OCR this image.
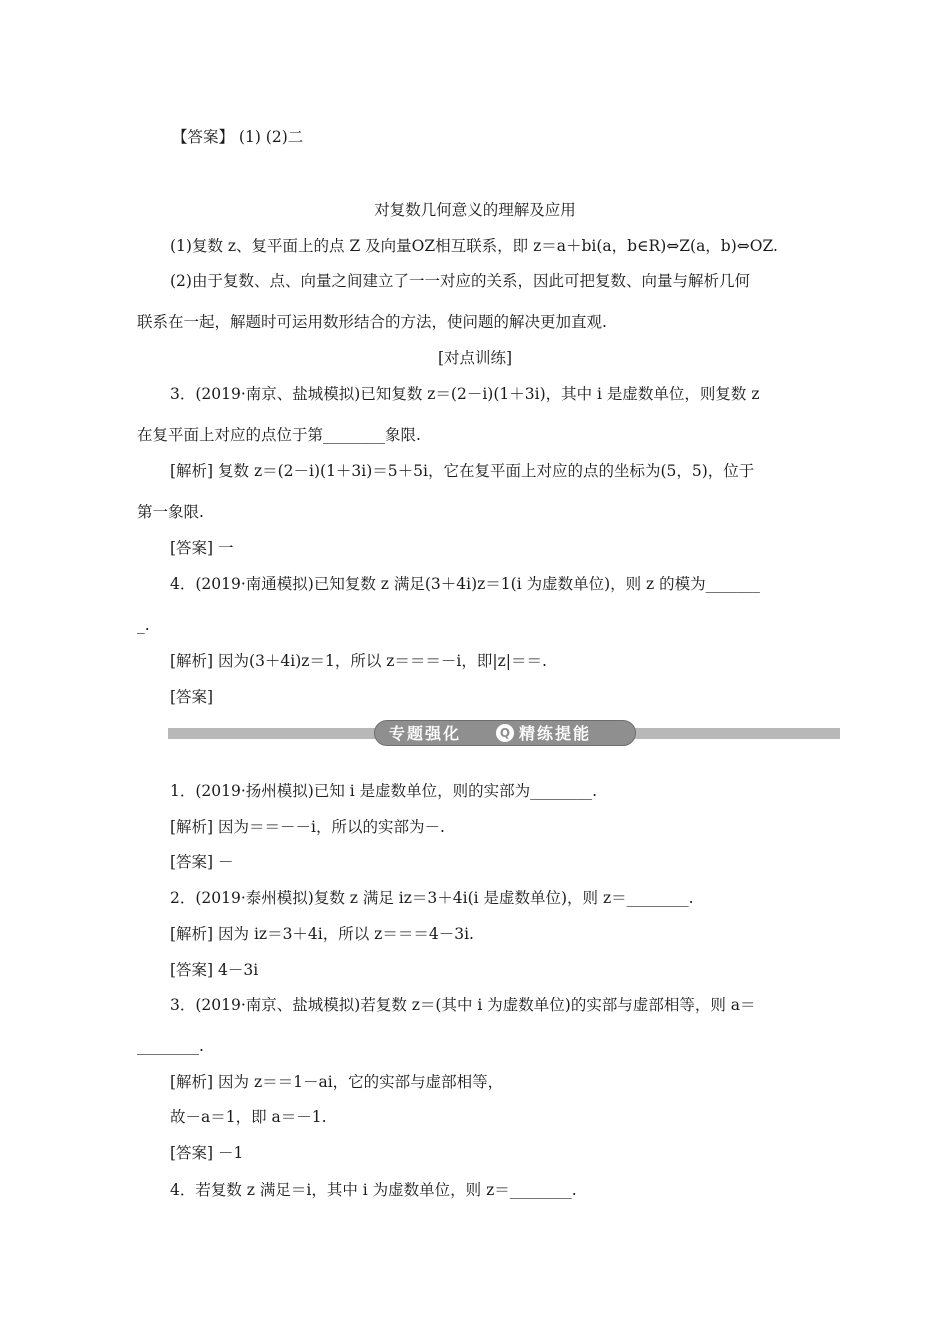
【答案】 (1) (2)二
对复数几何意义的理解及应用
(1)复数 z、复平面上的点 Z 及向量OZ相互联系，即 z＝a＋bi(a，b∈R)⇔Z(a，b)⇔OZ.
(2)由于复数、点、向量之间建立了一一对应的关系，因此可把复数、向量与解析几何
联系在一起，解题时可运用数形结合的方法，使问题的解决更加直观.
[对点训练]
3．(2019·南京、盐城模拟)已知复数 z＝(2－i)(1＋3i)，其中 i 是虚数单位，则复数 z
在复平面上对应的点位于第________象限.
[解析] 复数 z＝(2－i)(1＋3i)＝5＋5i，它在复平面上对应的点的坐标为(5，5)，位于
第一象限.
[答案] 一
4．(2019·南通模拟)已知复数 z 满足(3＋4i)z＝1(i 为虚数单位)，则 z 的模为_______
_.
[解析] 因为(3＋4i)z＝1，所以 z＝＝＝－i，即|z|＝＝.
[答案]
专题强化	Q 精练提能
1．(2019·扬州模拟)已知 i 是虚数单位，则的实部为________.
[解析] 因为＝＝－－i，所以的实部为－.
[答案] －
2．(2019·泰州模拟)复数 z 满足 iz＝3＋4i(i 是虚数单位)，则 z＝________.
[解析] 因为 iz＝3＋4i，所以 z＝＝＝4－3i.
[答案] 4－3i
3．(2019·南京、盐城模拟)若复数 z＝(其中 i 为虚数单位)的实部与虚部相等，则 a＝
________.
[解析] 因为 z＝＝1－ai，它的实部与虚部相等，
故－a＝1，即 a＝－1.
[答案] －1
4．若复数 z 满足＝i，其中 i 为虚数单位，则 z＝________.
